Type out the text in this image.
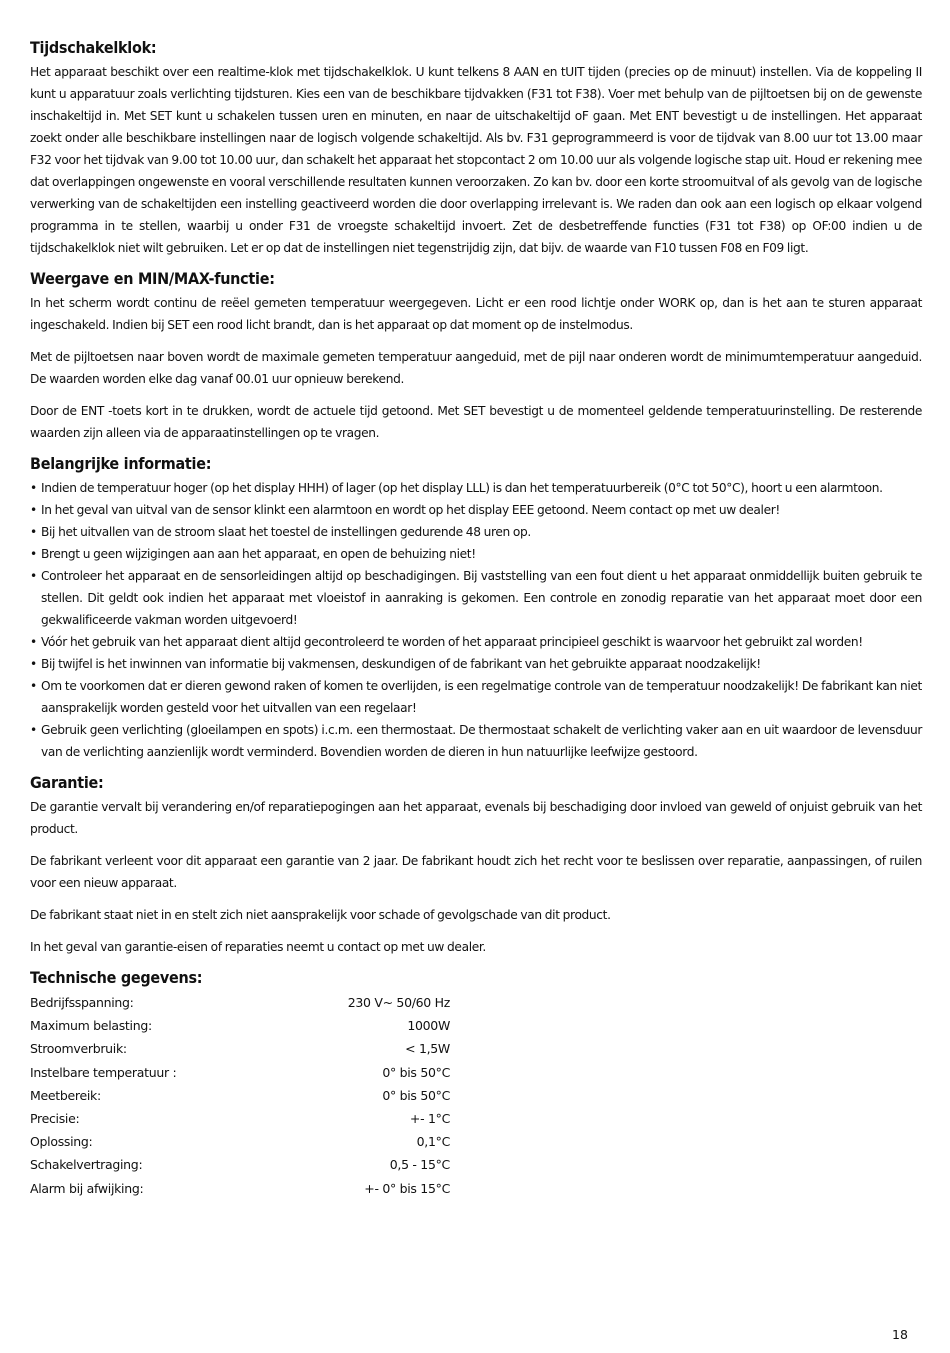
Tijdschakelklok:

Het apparaat beschikt over een realtime-klok met tijdschakelklok. U kunt telkens 8 AAN en tUIT tijden (precies op de minuut) instellen. Via de koppeling II kunt u apparatuur zoals verlichting tijdsturen. Kies een van de beschikbare tijdvakken (F31 tot F38). Voer met behulp van de pijltoetsen bij on de gewenste inschakeltijd in. Met SET kunt u schakelen tussen uren en minuten, en naar de uitschakeltijd oF gaan. Met ENT bevestigt u de instellingen. Het apparaat zoekt onder alle beschikbare instellingen naar de logisch volgende schakeltijd. Als bv. F31 geprogrammeerd is voor de tijdvak van 8.00 uur tot 13.00 maar F32 voor het tijdvak van 9.00 tot 10.00 uur, dan schakelt het apparaat het stopcontact 2 om 10.00 uur als volgende logische stap uit. Houd er rekening mee dat overlappingen ongewenste en vooral verschillende resultaten kunnen veroorzaken. Zo kan bv. door een korte stroomuitval of als gevolg van de logische verwerking van de schakeltijden een instelling geactiveerd worden die door overlapping irrelevant is. We raden dan ook aan een logisch op elkaar volgend programma in te stellen, waarbij u onder F31 de vroegste schakeltijd invoert. Zet de desbetreffende functies (F31 tot F38) op OF:00 indien u de tijdschakelklok niet wilt gebruiken. Let er op dat de instellingen niet tegenstrijdig zijn, dat bijv. de waarde van F10 tussen F08 en F09 ligt.

Weergave en MIN/MAX-functie:

In het scherm wordt continu de reëel gemeten temperatuur weergegeven. Licht er een rood lichtje onder WORK op, dan is het aan te sturen apparaat ingeschakeld. Indien bij SET een rood licht brandt, dan is het apparaat op dat moment op de instelmodus.

Met de pijltoetsen naar boven wordt de maximale gemeten temperatuur aangeduid, met de pijl naar onderen wordt de minimumtemperatuur aangeduid. De waarden worden elke dag vanaf 00.01 uur opnieuw berekend.

Door de ENT -toets kort in te drukken, wordt de actuele tijd getoond. Met SET bevestigt u de momenteel geldende temperatuurinstelling. De resterende waarden zijn alleen via de apparaatinstellingen op te vragen.

Belangrijke informatie:
• Indien de temperatuur hoger (op het display HHH) of lager (op het display LLL) is dan het temperatuurbereik (0°C tot 50°C), hoort u een alarmtoon.
• In het geval van uitval van de sensor klinkt een alarmtoon en wordt op het display EEE getoond. Neem contact op met uw dealer!
• Bij het uitvallen van de stroom slaat het toestel de instellingen gedurende 48 uren op.
• Brengt u geen wijzigingen aan aan het apparaat, en open de behuizing niet!
• Controleer het apparaat en de sensorleidingen altijd op beschadigingen. Bij vaststelling van een fout dient u het apparaat onmiddellijk buiten gebruik te stellen. Dit geldt ook indien het apparaat met vloeistof in aanraking is gekomen. Een controle en zonodig reparatie van het apparaat moet door een gekwalificeerde vakman worden uitgevoerd!
• Vóór het gebruik van het apparaat dient altijd gecontroleerd te worden of het apparaat principieel geschikt is waarvoor het gebruikt zal worden!
• Bij twijfel is het inwinnen van informatie bij vakmensen, deskundigen of de fabrikant van het gebruikte apparaat noodzakelijk!
• Om te voorkomen dat er dieren gewond raken of komen te overlijden, is een regelmatige controle van de temperatuur noodzakelijk! De fabrikant kan niet aansprakelijk worden gesteld voor het uitvallen van een regelaar!
• Gebruik geen verlichting (gloeilampen en spots) i.c.m. een thermostaat. De thermostaat schakelt de verlichting vaker aan en uit waardoor de levensduur van de verlichting aanzienlijk wordt verminderd. Bovendien worden de dieren in hun natuurlijke leefwijze gestoord.
Garantie:

De garantie vervalt bij verandering en/of reparatiepogingen aan het apparaat, evenals bij beschadiging door invloed van geweld of onjuist gebruik van het product.

De fabrikant verleent voor dit apparaat een garantie van 2 jaar. De fabrikant houdt zich het recht voor te beslissen over reparatie, aanpassingen, of ruilen voor een nieuw apparaat.

De fabrikant staat niet in en stelt zich niet aansprakelijk voor schade of gevolgschade van dit product.

In het geval van garantie-eisen of reparaties neemt u contact op met uw dealer.

Technische gegevens:
Bedrijfsspanning:	230 V~ 50/60 Hz
Maximum belasting:	1000W
Stroomverbruik:	< 1,5W
Instelbare temperatuur :	0° bis 50°C
Meetbereik:	0° bis 50°C
Precisie:	+- 1°C
Oplossing:	0,1°C
Schakelvertraging:	0,5 - 15°C
Alarm bij afwijking:	+- 0° bis 15°C
18
